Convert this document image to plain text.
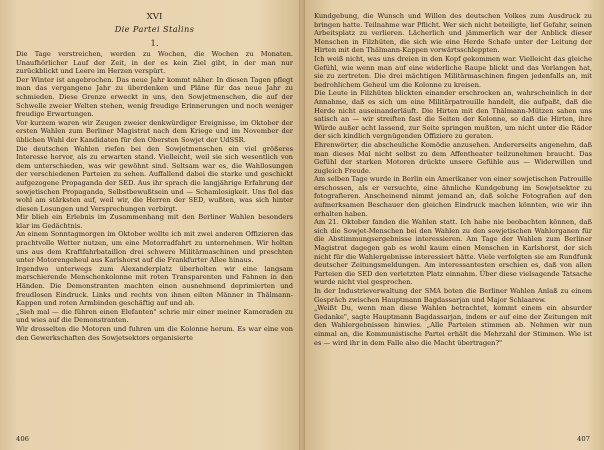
XVI
Die Partei Stalins
1.

Die Tage verstreichen, werden zu Wochen, die Wochen zu Monaten. Unaufhörlicher Lauf der Zeit, in der es kein Ziel gibt, in der man nur zurückblickt und Leere im Herzen verspürt.

Der Winter ist angebrochen. Das neue Jahr kommt näher. In diesen Tagen pflegt man das vergangene Jahr zu überdenken und Pläne für das neue Jahr zu schmieden. Diese Grenze erweckt in uns, den Sowjetmenschen, die auf der Schwelle zweier Welten stehen, wenig freudige Erinnerungen und noch weniger freudige Erwartungen.

Vor kurzem waren wir Zeugen zweier denkwürdiger Ereignisse, im Oktober der ersten Wahlen zum Berliner Magistrat nach dem Kriege und im November der üblichen Wahl der Kandidaten für den Obersten Sowjet der UdSSR.

Die deutschen Wahlen riefen bei den Sowjetmenschen ein viel größeres Interesse hervor, als zu erwarten stand. Vielleicht, weil sie sich wesentlich von dem unterschieden, was wir gewöhnt sind. Seltsam war es, die Wahllosungen der verschiedenen Parteien zu sehen. Auffallend dabei die starke und geschickt aufgezogene Propaganda der SED. Aus ihr sprach die langjährige Erfahrung der sowjetischen Propaganda, Selbstbewußtsein und — Schamlosigkeit. Uns fiel das wohl am stärksten auf, weil wir, die Herren der SED, wußten, was sich hinter diesen Losungen und Versprechungen verbirgt.

Mir blieb ein Erlebnis im Zusammenhang mit den Berliner Wahlen besonders klar im Gedächtnis.

An einem Sonntagmorgen im Oktober wollte ich mit zwei anderen Offizieren das prachtvolle Wetter nutzen, um eine Motorradfahrt zu unternehmen. Wir holten uns aus dem Kraftfahrbataillon drei schwere Militärmaschinen und preschten unter Motorengeheul aus Karlshorst auf die Frankfurter Allee hinaus.

Irgendwo unterwegs zum Alexanderplatz überholten wir eine langsam marschierende Menschenkolonne mit roten Transparenten und Fahnen in den Händen. Die Demonstranten machten einen ausnehmend deprimierten und freudlosen Eindruck. Links und rechts von ihnen eilten Männer in Thälmann-Kappen und roten Armbinden geschäftig auf und ab.

„Sieh mal — die führen einen Elefanten" schrie mir einer meiner Kameraden zu und wies auf die Demonstranten.

Wir drosselten die Motoren und fuhren um die Kolonne herum. Es war eine von den Gewerkschaften des Sowjetsektors organisierte

406

Kundgebung, die Wunsch und Willen des deutschen Volkes zum Ausdruck zu bringen hatte. Teilnahme war Pflicht. Wer sich nicht beteiligte, lief Gefahr, seinen Arbeitsplatz zu verlieren. Lächerlich und jämmerlich war der Anblick dieser Menschen in Filzhüten, die sich wie eine Herde Schafe unter der Leitung der Hirten mit den Thälmann-Kappen vorwärtsschleppten.

Ich weiß nicht, was uns dreien in den Kopf gekommen war. Vielleicht das gleiche Gefühl, wie wenn man auf eine widerliche Raupe blickt und das Verlangen hat, sie zu zertreten. Die drei mächtigen Militärmaschinen fingen jedenfalls an, mit bedrohlichem Geheul um die Kolonne zu kreisen.

Die Leute in Filzhüten blickten einander erschrocken an, wahrscheinlich in der Annahme, daß es sich um eine Militärpatrouille handelt, die aufpaßt, daß die Herde nicht auseinanderläuft. Die Hirten mit den Thälmann-Mützen sahen uns satisch an — wir streiften fast die Seiten der Kolonne, so daß die Hirten, ihre Würde außer acht lassend, zur Seite springen mußten, um nicht unter die Räder der sich kindlich vergnügenden Offiziere zu geraten.

Ehrenwörter, die abscheuliche Komödie anzusehen. Andererseits angenehm, daß man dieses Mal nicht selbst zu dem Affentheater teilzunehmen braucht. Das Gefühl der starken Motoren drückte unsere Gefühle aus — Widerwillen und zugleich Freude.

Am selben Tage wurde in Berlin ein Amerikaner von einer sowjetischen Patrouille erschossen, als er versuchte, eine ähnliche Kundgebung im Sowjetsektor zu fotografieren. Anscheinend nimmt jemand an, daß solche Fotografien auf den aufmerksamen Beschauer den gleichen Eindruck machen könnten, wie wir ihn erhalten haben.

Am 21. Oktober fanden die Wahlen statt. Ich habe nie beobachten können, daß sich die Sowjet-Menschen bei den Wahlen zu den sowjetischen Wahlorganen für die Abstimmungsergebnisse interessieren. Am Tage der Wahlen zum Berliner Magistrat dagegen gab es wohl kaum einen Menschen in Karlshorst, der sich nicht für die Wahlergebnisse interessiert hätte. Viele verfolgten sie am Rundfunk deutscher Zeitungsmeldungen. Am interessantesten erschien es, daß von allen Parteien die SED den verletzten Platz einnahm. Über diese vielsagende Tatsache wurde nicht viel gesprochen.

In der Industrieverwaltung der SMA boten die Berliner Wahlen Anlaß zu einem Gespräch zwischen Hauptmann Bagdassarjan und Major Schlaarew.

„Weißt Du, wenn man diese Wahlen betrachtet, kommt einem ein absurder Gedanke", sagte Hauptmann Bagdassarjan, indem er auf eine der Zeitungen mit den Wahlergebnissen hinwies. „Alle Parteien stimmen ab. Nehmen wir nun einmal an, die Kommunistische Partei erhält die Mehrzahl der Stimmen. Wie ist es — wird ihr in dem Falle also die Macht übertragen?"

407
